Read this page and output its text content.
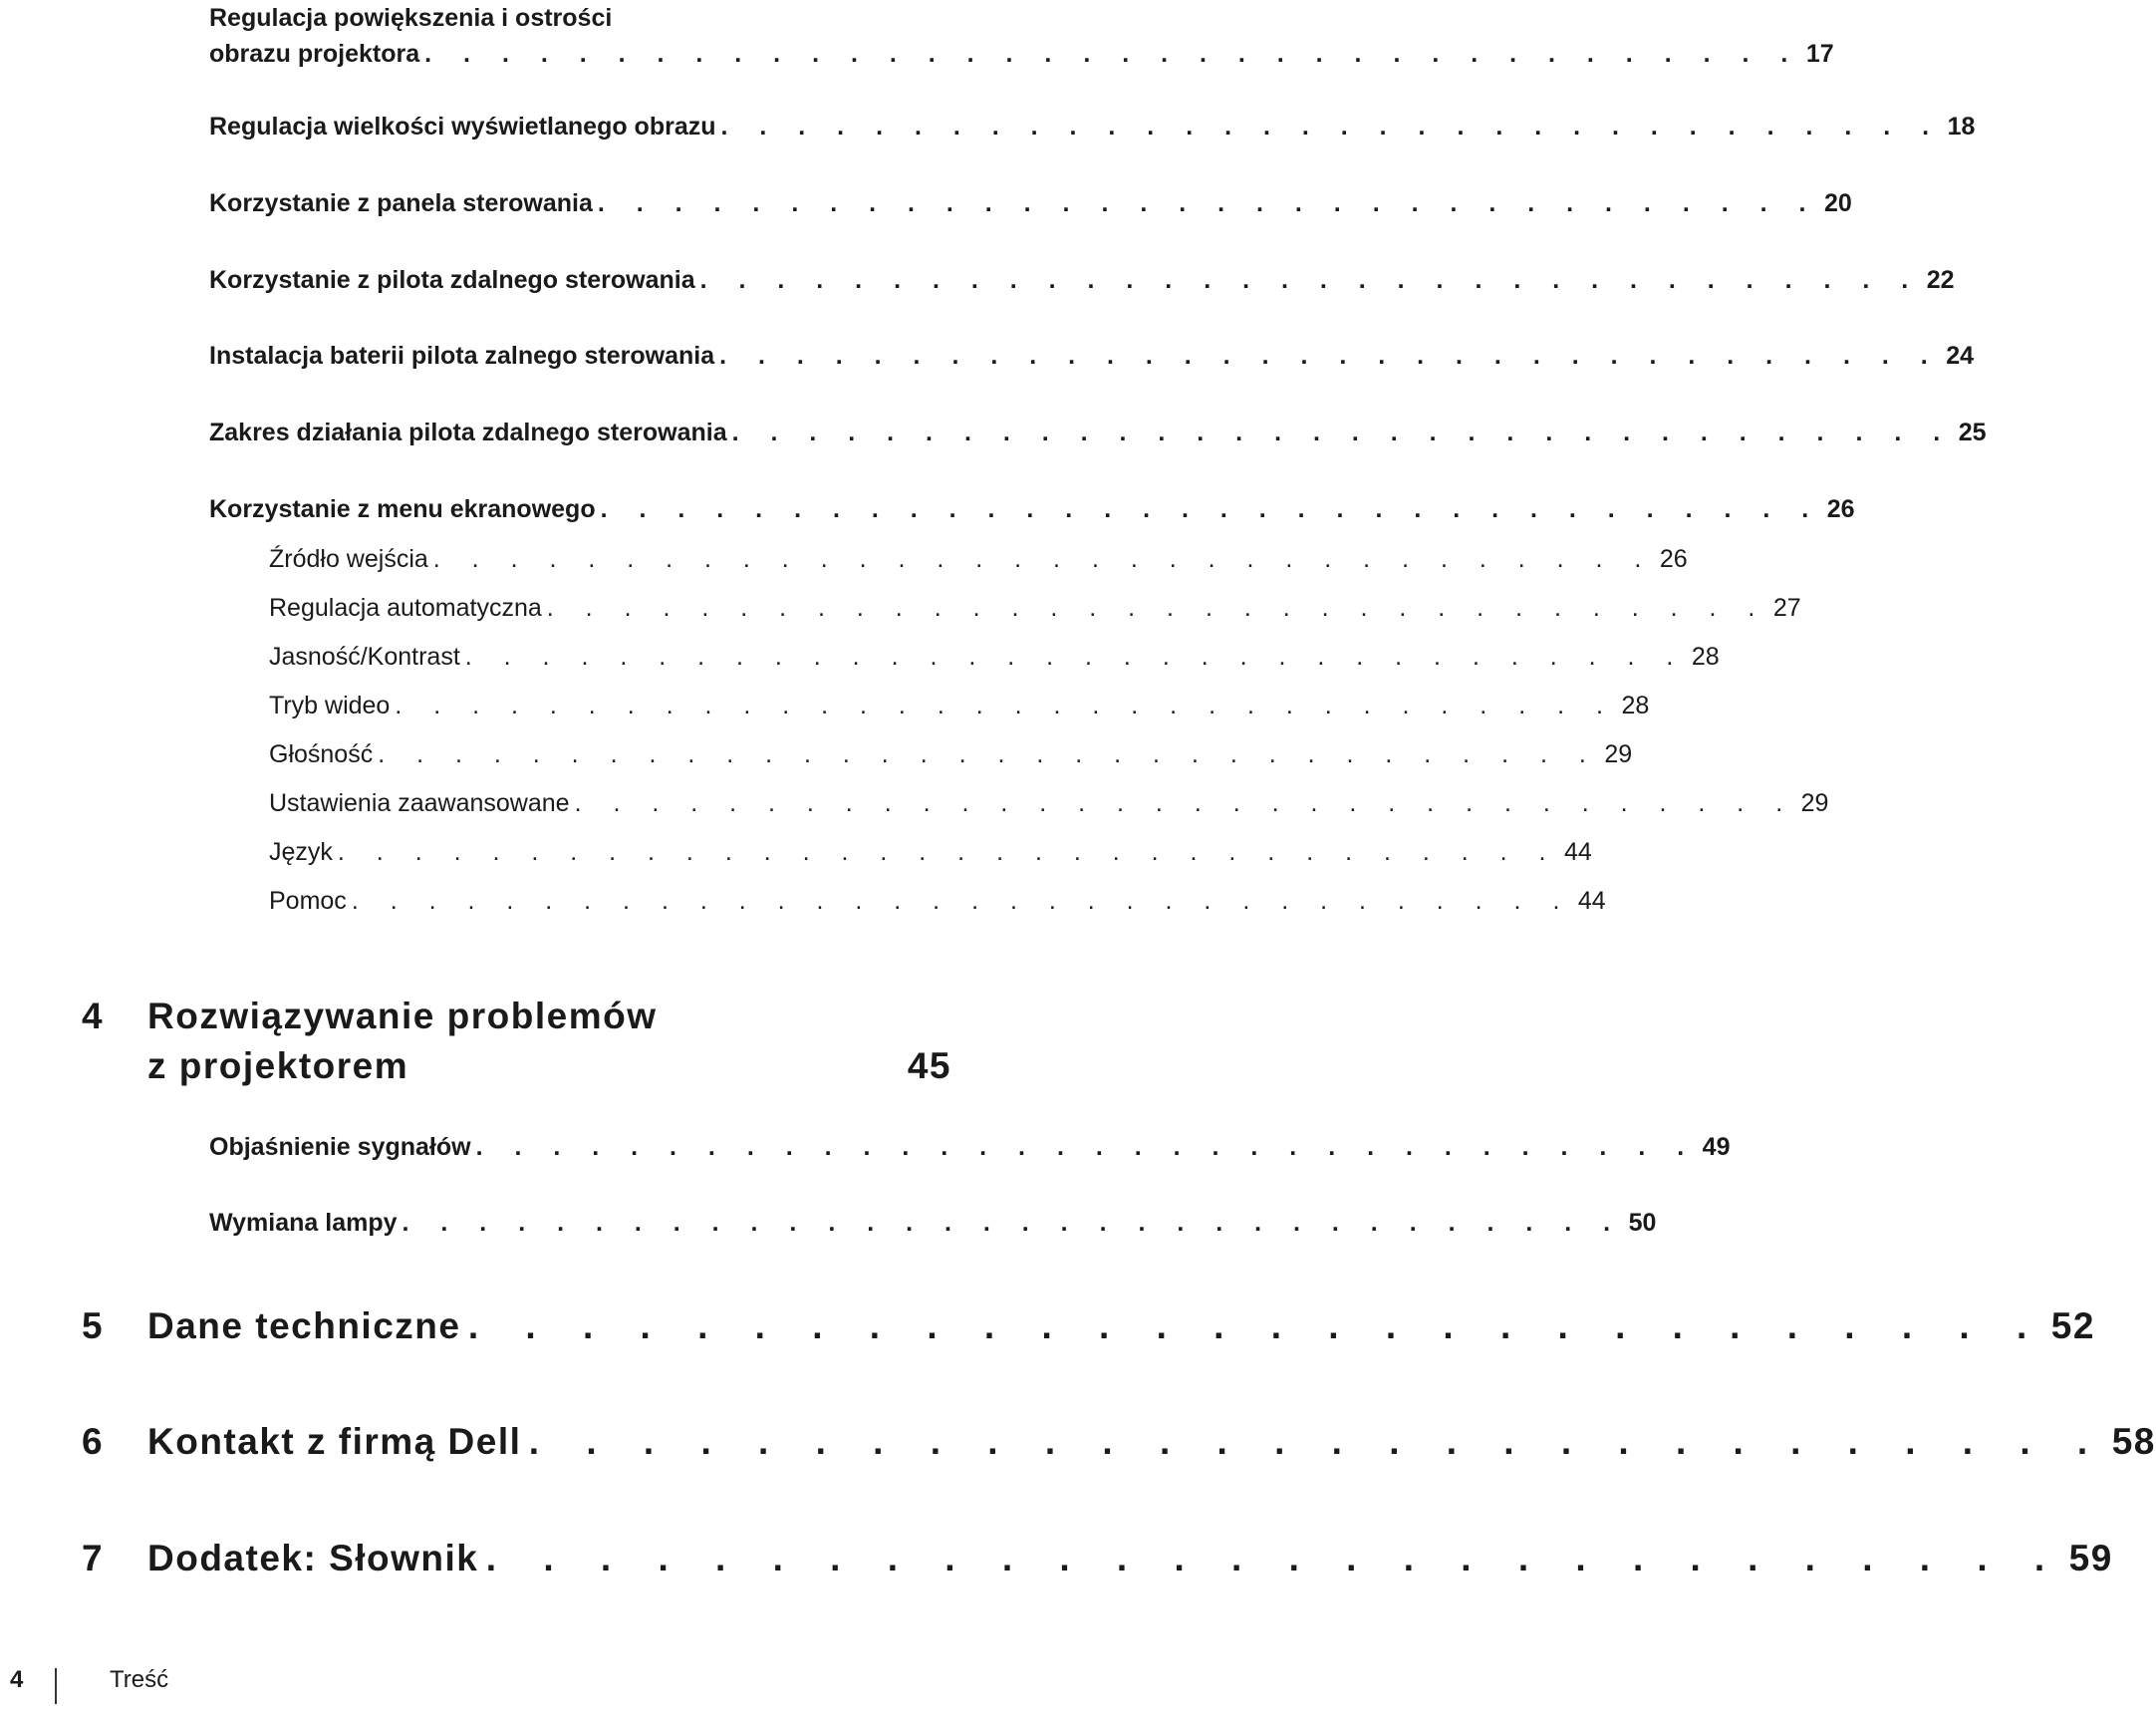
Regulacja powiększenia i ostrości
obrazu projektora . . . . . . . . . . . . . . . . . . . . . . . . . . . . . . . . . . . . 17
Regulacja wielkości wyświetlanego obrazu . . . . . . . . . . . . . . . . . . . . . . . . . . . . . . . . 18
Korzystanie z panela sterowania . . . . . . . . . . . . . . . . . . . . . . . . . . . . . . . . 20
Korzystanie z pilota zdalnego sterowania . . . . . . . . . . . . . . . . . . . . . . . . . . . . . . . . 22
Instalacja baterii pilota zalnego sterowania . . . . . . . . . . . . . . . . . . . . . . . . . . . . . . . . 24
Zakres działania pilota zdalnego sterowania . . . . . . . . . . . . . . . . . . . . . . . . . . . . . . . . 25
Korzystanie z menu ekranowego . . . . . . . . . . . . . . . . . . . . . . . . . . . . . . . . 26
Źródło wejścia . . . . . . . . . . . . . . . . . . . . . . . . . . . . . . . . 26
Regulacja automatyczna . . . . . . . . . . . . . . . . . . . . . . . . . . . . . . . . 27
Jasność/Kontrast . . . . . . . . . . . . . . . . . . . . . . . . . . . . . . . . 28
Tryb wideo . . . . . . . . . . . . . . . . . . . . . . . . . . . . . . . . 28
Głośność . . . . . . . . . . . . . . . . . . . . . . . . . . . . . . . . 29
Ustawienia zaawansowane . . . . . . . . . . . . . . . . . . . . . . . . . . . . . . . . 29
Język . . . . . . . . . . . . . . . . . . . . . . . . . . . . . . . . 44
Pomoc . . . . . . . . . . . . . . . . . . . . . . . . . . . . . . . . 44
4	Rozwiązywanie problemów
z projektorem	45
Objaśnienie sygnałów . . . . . . . . . . . . . . . . . . . . . . . . . . . . . . . . 49
Wymiana lampy . . . . . . . . . . . . . . . . . . . . . . . . . . . . . . . . 50
5	Dane techniczne . . . . . . . . . . . . . . . . . . . . . . . . . . . . 52
6	Kontakt z firmą Dell . . . . . . . . . . . . . . . . . . . . . . . . . . . . 58
7	Dodatek: Słownik . . . . . . . . . . . . . . . . . . . . . . . . . . . . 59
4	Treść
